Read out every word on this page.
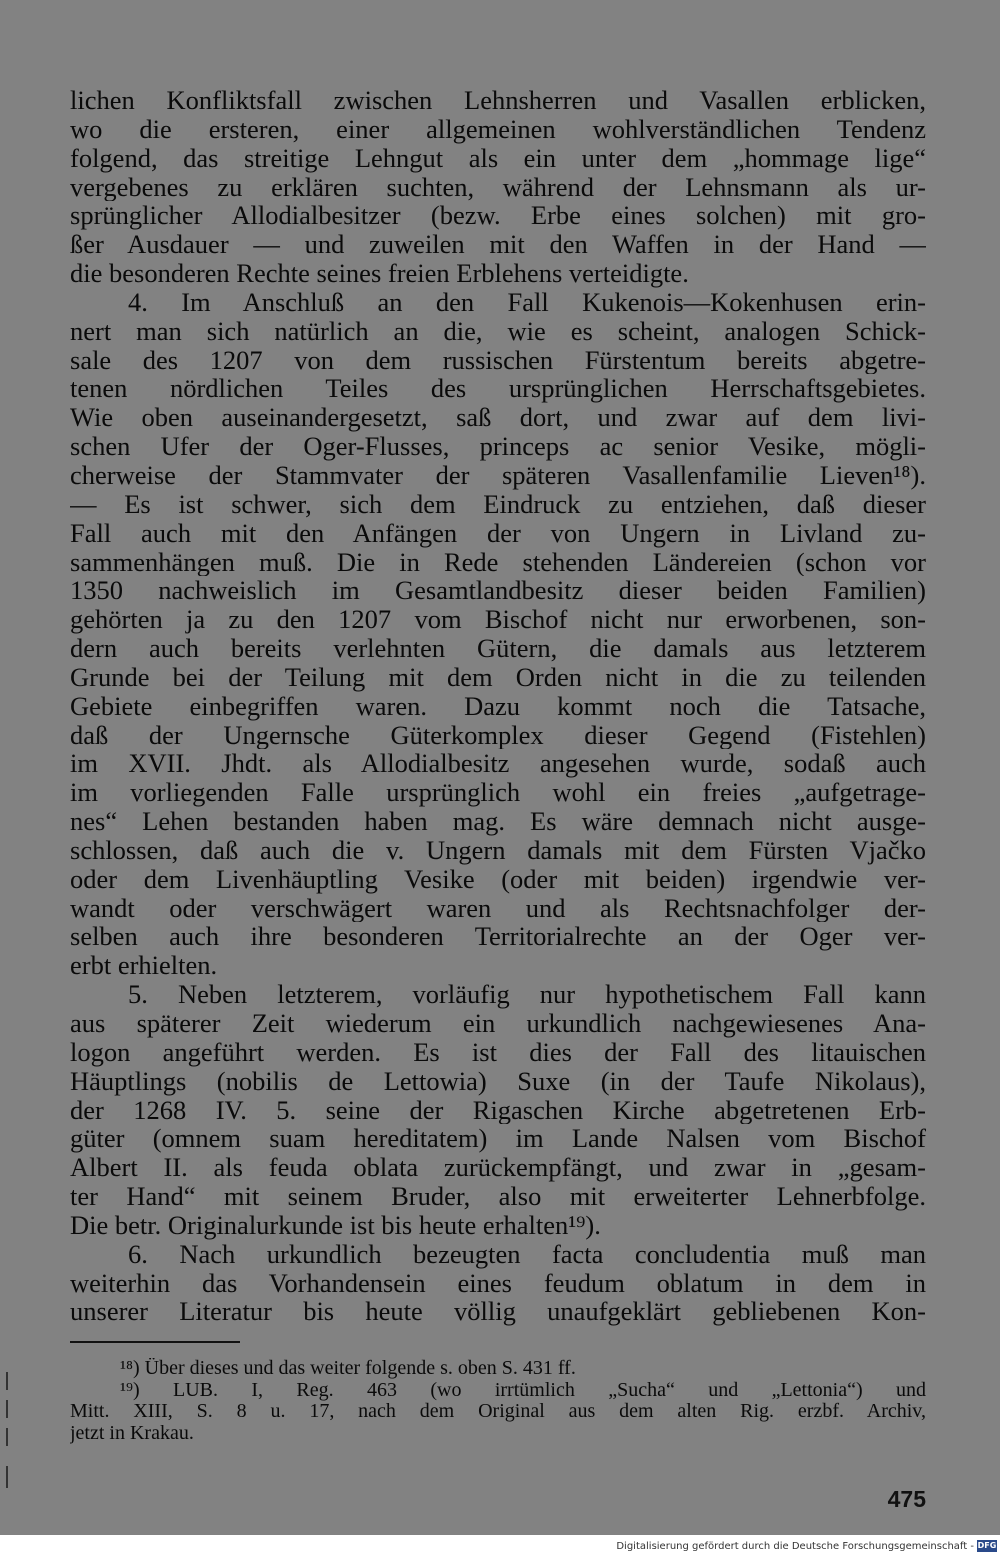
lichen Konfliktsfall zwischen Lehnsherren und Vasallen erblicken,
wo die ersteren, einer allgemeinen wohlverständlichen Tendenz
folgend, das streitige Lehngut als ein unter dem „hommage lige“
vergebenes zu erklären suchten, während der Lehnsmann als ur-
sprünglicher Allodialbesitzer (bezw. Erbe eines solchen) mit gro-
ßer Ausdauer — und zuweilen mit den Waffen in der Hand —
die besonderen Rechte seines freien Erblehens verteidigte.
4. Im Anschluß an den Fall Kukenois—Kokenhusen erin-
nert man sich natürlich an die, wie es scheint, analogen Schick-
sale des 1207 von dem russischen Fürstentum bereits abgetre-
tenen nördlichen Teiles des ursprünglichen Herrschaftsgebietes.
Wie oben auseinandergesetzt, saß dort, und zwar auf dem livi-
schen Ufer der Oger-Flusses, princeps ac senior Vesike, mögli-
cherweise der Stammvater der späteren Vasallenfamilie Lieven¹⁸).
— Es ist schwer, sich dem Eindruck zu entziehen, daß dieser
Fall auch mit den Anfängen der von Ungern in Livland zu-
sammenhängen muß. Die in Rede stehenden Ländereien (schon vor
1350 nachweislich im Gesamtlandbesitz dieser beiden Familien)
gehörten ja zu den 1207 vom Bischof nicht nur erworbenen, son-
dern auch bereits verlehnten Gütern, die damals aus letzterem
Grunde bei der Teilung mit dem Orden nicht in die zu teilenden
Gebiete einbegriffen waren. Dazu kommt noch die Tatsache,
daß der Ungernsche Güterkomplex dieser Gegend (Fistehlen)
im XVII. Jhdt. als Allodialbesitz angesehen wurde, sodaß auch
im vorliegenden Falle ursprünglich wohl ein freies „aufgetrage-
nes“ Lehen bestanden haben mag. Es wäre demnach nicht ausge-
schlossen, daß auch die v. Ungern damals mit dem Fürsten Vjačko
oder dem Livenhäuptling Vesike (oder mit beiden) irgendwie ver-
wandt oder verschwägert waren und als Rechtsnachfolger der-
selben auch ihre besonderen Territorialrechte an der Oger ver-
erbt erhielten.
5. Neben letzterem, vorläufig nur hypothetischem Fall kann
aus späterer Zeit wiederum ein urkundlich nachgewiesenes Ana-
logon angeführt werden. Es ist dies der Fall des litauischen
Häuptlings (nobilis de Lettowia) Suxe (in der Taufe Nikolaus),
der 1268 IV. 5. seine der Rigaschen Kirche abgetretenen Erb-
güter (omnem suam hereditatem) im Lande Nalsen vom Bischof
Albert II. als feuda oblata zurückempfängt, und zwar in „gesam-
ter Hand“ mit seinem Bruder, also mit erweiterter Lehnerbfolge.
Die betr. Originalurkunde ist bis heute erhalten¹⁹).
6. Nach urkundlich bezeugten facta concludentia muß man
weiterhin das Vorhandensein eines feudum oblatum in dem in
unserer Literatur bis heute völlig unaufgeklärt gebliebenen Kon-
¹⁸) Über dieses und das weiter folgende s. oben S. 431 ff.
¹⁹) LUB. I, Reg. 463 (wo irrtümlich „Sucha“ und „Lettonia“) und
Mitt. XIII, S. 8 u. 17, nach dem Original aus dem alten Rig. erzbf. Archiv,
jetzt in Krakau.
475
Digitalisierung gefördert durch die Deutsche Forschungsgemeinschaft - DFG
